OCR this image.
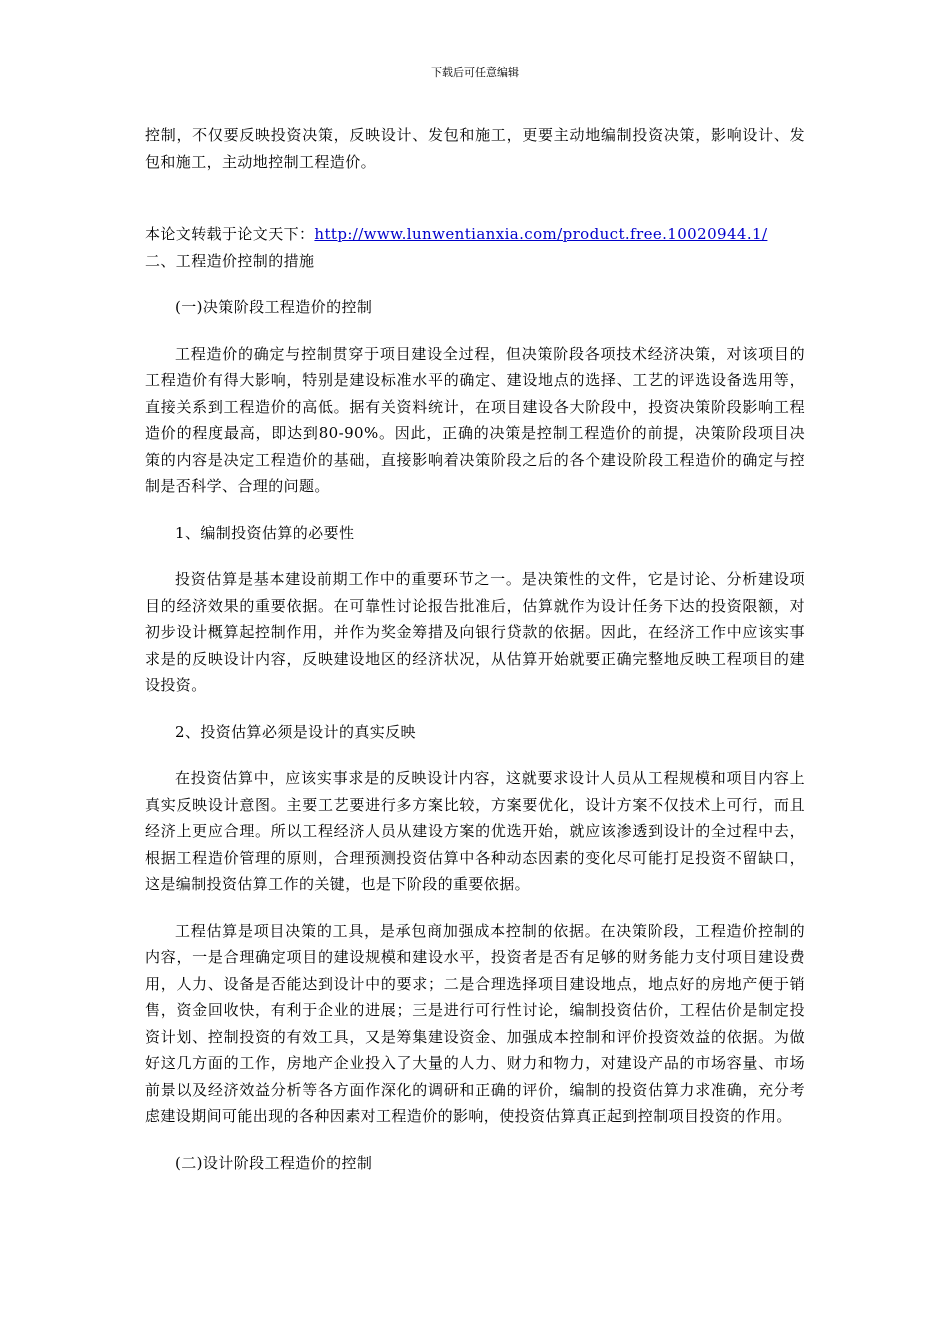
下载后可任意编辑

控制，不仅要反映投资决策，反映设计、发包和施工，更要主动地编制投资决策，影响设计、发包和施工，主动地控制工程造价。

本论文转载于论文天下：http://www.lunwentianxia.com/product.free.10020944.1/

二、工程造价控制的措施

(一)决策阶段工程造价的控制

工程造价的确定与控制贯穿于项目建设全过程，但决策阶段各项技术经济决策，对该项目的工程造价有得大影响，特别是建设标准水平的确定、建设地点的选择、工艺的评选设备选用等，直接关系到工程造价的高低。据有关资料统计，在项目建设各大阶段中，投资决策阶段影响工程造价的程度最高，即达到80-90%。因此，正确的决策是控制工程造价的前提，决策阶段项目决策的内容是决定工程造价的基础，直接影响着决策阶段之后的各个建设阶段工程造价的确定与控制是否科学、合理的问题。

1、编制投资估算的必要性

投资估算是基本建设前期工作中的重要环节之一。是决策性的文件，它是讨论、分析建设项目的经济效果的重要依据。在可靠性讨论报告批准后，估算就作为设计任务下达的投资限额，对初步设计概算起控制作用，并作为奖金筹措及向银行贷款的依据。因此，在经济工作中应该实事求是的反映设计内容，反映建设地区的经济状况，从估算开始就要正确完整地反映工程项目的建设投资。

2、投资估算必须是设计的真实反映

在投资估算中，应该实事求是的反映设计内容，这就要求设计人员从工程规模和项目内容上真实反映设计意图。主要工艺要进行多方案比较，方案要优化，设计方案不仅技术上可行，而且经济上更应合理。所以工程经济人员从建设方案的优选开始，就应该渗透到设计的全过程中去，根据工程造价管理的原则，合理预测投资估算中各种动态因素的变化尽可能打足投资不留缺口，这是编制投资估算工作的关键，也是下阶段的重要依据。

工程估算是项目决策的工具，是承包商加强成本控制的依据。在决策阶段，工程造价控制的内容，一是合理确定项目的建设规模和建设水平，投资者是否有足够的财务能力支付项目建设费用，人力、设备是否能达到设计中的要求；二是合理选择项目建设地点，地点好的房地产便于销售，资金回收快，有利于企业的进展；三是进行可行性讨论，编制投资估价，工程估价是制定投资计划、控制投资的有效工具，又是筹集建设资金、加强成本控制和评价投资效益的依据。为做好这几方面的工作，房地产企业投入了大量的人力、财力和物力，对建设产品的市场容量、市场前景以及经济效益分析等各方面作深化的调研和正确的评价，编制的投资估算力求准确，充分考虑建设期间可能出现的各种因素对工程造价的影响，使投资估算真正起到控制项目投资的作用。

(二)设计阶段工程造价的控制
